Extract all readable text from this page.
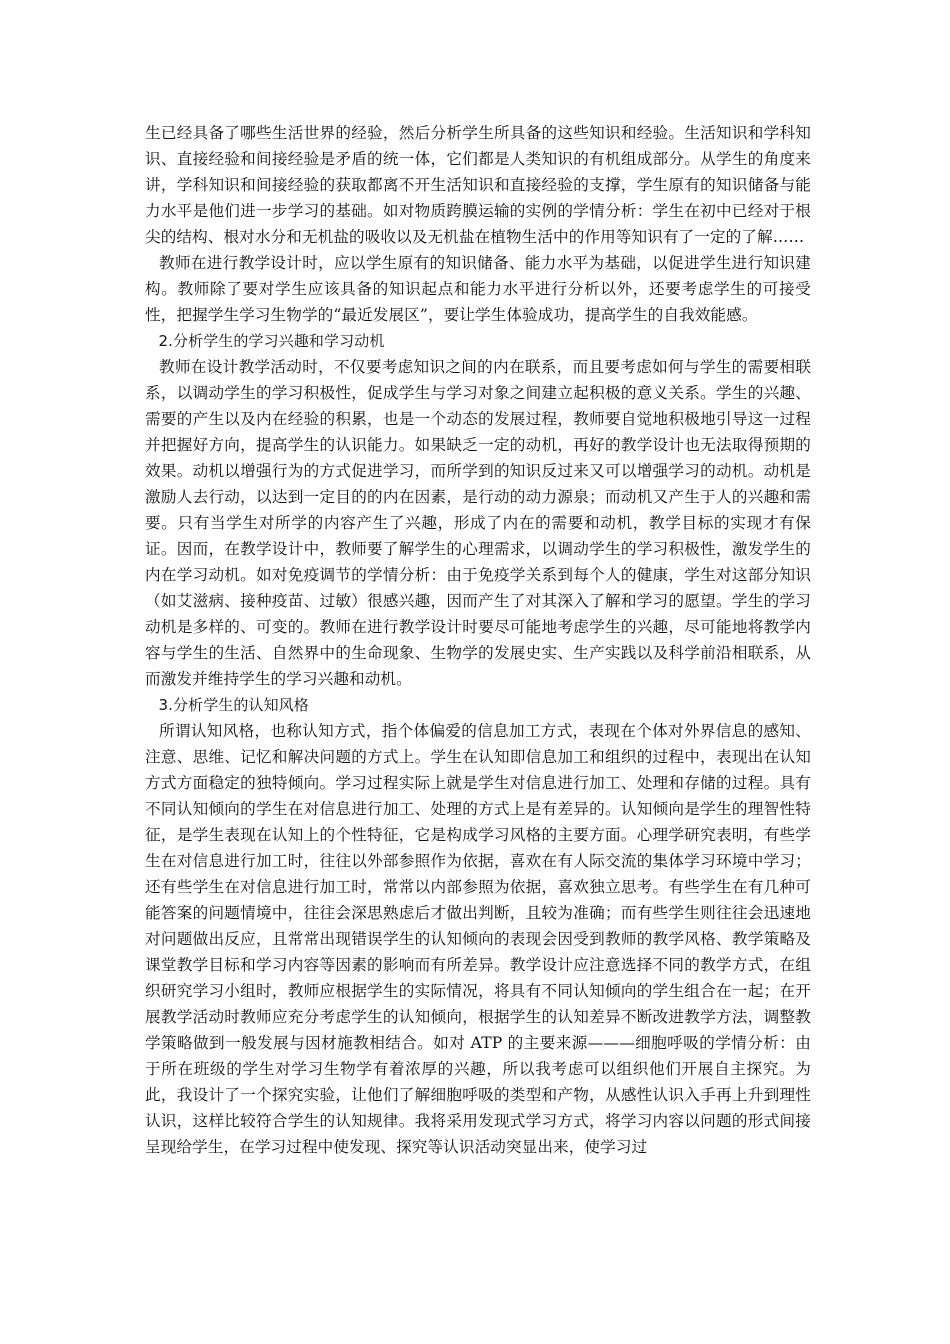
生已经具备了哪些生活世界的经验，然后分析学生所具备的这些知识和经验。生活知识和学科知识、直接经验和间接经验是矛盾的统一体，它们都是人类知识的有机组成部分。从学生的角度来讲，学科知识和间接经验的获取都离不开生活知识和直接经验的支撑，学生原有的知识储备与能力水平是他们进一步学习的基础。如对物质跨膜运输的实例的学情分析：学生在初中已经对于根尖的结构、根对水分和无机盐的吸收以及无机盐在植物生活中的作用等知识有了一定的了解……

教师在进行教学设计时，应以学生原有的知识储备、能力水平为基础，以促进学生进行知识建构。教师除了要对学生应该具备的知识起点和能力水平进行分析以外，还要考虑学生的可接受性，把握学生学习生物学的“最近发展区”，要让学生体验成功，提高学生的自我效能感。

2.分析学生的学习兴趣和学习动机

教师在设计教学活动时，不仅要考虑知识之间的内在联系，而且要考虑如何与学生的需要相联系，以调动学生的学习积极性，促成学生与学习对象之间建立起积极的意义关系。学生的兴趣、需要的产生以及内在经验的积累，也是一个动态的发展过程，教师要自觉地积极地引导这一过程并把握好方向，提高学生的认识能力。如果缺乏一定的动机，再好的教学设计也无法取得预期的效果。动机以增强行为的方式促进学习，而所学到的知识反过来又可以增强学习的动机。动机是激励人去行动，以达到一定目的的内在因素，是行动的动力源泉；而动机又产生于人的兴趣和需要。只有当学生对所学的内容产生了兴趣，形成了内在的需要和动机，教学目标的实现才有保证。因而，在教学设计中，教师要了解学生的心理需求，以调动学生的学习积极性，激发学生的内在学习动机。如对免疫调节的学情分析：由于免疫学关系到每个人的健康，学生对这部分知识（如艾滋病、接种疫苗、过敏）很感兴趣，因而产生了对其深入了解和学习的愿望。学生的学习动机是多样的、可变的。教师在进行教学设计时要尽可能地考虑学生的兴趣，尽可能地将教学内容与学生的生活、自然界中的生命现象、生物学的发展史实、生产实践以及科学前沿相联系，从而激发并维持学生的学习兴趣和动机。

3.分析学生的认知风格

所谓认知风格，也称认知方式，指个体偏爱的信息加工方式，表现在个体对外界信息的感知、注意、思维、记忆和解决问题的方式上。学生在认知即信息加工和组织的过程中，表现出在认知方式方面稳定的独特倾向。学习过程实际上就是学生对信息进行加工、处理和存储的过程。具有不同认知倾向的学生在对信息进行加工、处理的方式上是有差异的。认知倾向是学生的理智性特征，是学生表现在认知上的个性特征，它是构成学习风格的主要方面。心理学研究表明，有些学生在对信息进行加工时，往往以外部参照作为依据，喜欢在有人际交流的集体学习环境中学习；还有些学生在对信息进行加工时，常常以内部参照为依据，喜欢独立思考。有些学生在有几种可能答案的问题情境中，往往会深思熟虑后才做出判断，且较为准确；而有些学生则往往会迅速地对问题做出反应，且常常出现错误学生的认知倾向的表现会因受到教师的教学风格、教学策略及课堂教学目标和学习内容等因素的影响而有所差异。教学设计应注意选择不同的教学方式，在组织研究学习小组时，教师应根据学生的实际情况，将具有不同认知倾向的学生组合在一起；在开展教学活动时教师应充分考虑学生的认知倾向，根据学生的认知差异不断改进教学方法，调整教学策略做到一般发展与因材施教相结合。如对 ATP 的主要来源———细胞呼吸的学情分析：由于所在班级的学生对学习生物学有着浓厚的兴趣，所以我考虑可以组织他们开展自主探究。为此，我设计了一个探究实验，让他们了解细胞呼吸的类型和产物，从感性认识入手再上升到理性认识，这样比较符合学生的认知规律。我将采用发现式学习方式，将学习内容以问题的形式间接呈现给学生，在学习过程中使发现、探究等认识活动突显出来，使学习过
